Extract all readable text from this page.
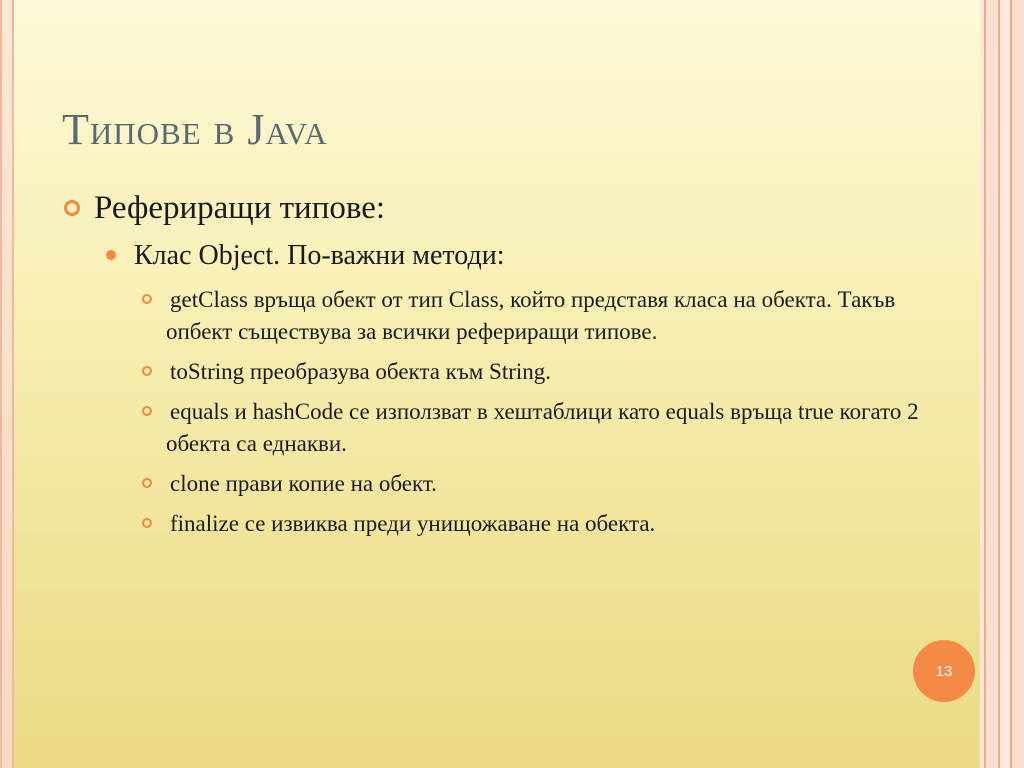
Типове в Java
Рефериращи типове:
Клас Object. По-важни методи:
getClass връща обект от тип Class, който представя класа на обекта. Такъв опбект съществува за всички рефериращи типове.
toString преобразува обекта към String.
equals и hashCode се използват в хештаблици като equals връща true когато 2 обекта са еднакви.
clone прави копие на обект.
finalize се извиква преди унищожаване на обекта.
13
